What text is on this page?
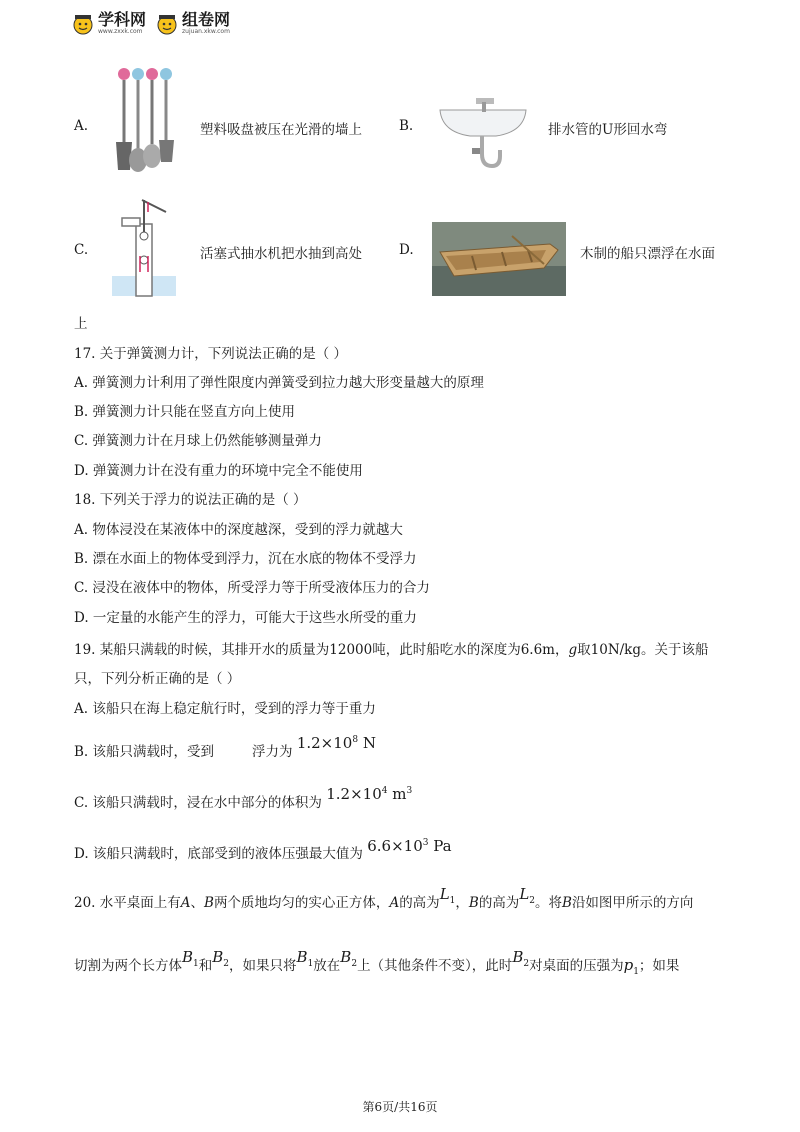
学科网
www.zxxk.com
组卷网
zujuan.xkw.com
A.	塑料吸盘被压在光滑的墙上	B.	排水管的U形回水弯
C.	活塞式抽水机把水抽到高处	D.	木制的船只漂浮在水面
上
17. 关于弹簧测力计，下列说法正确的是（ ）
A. 弹簧测力计利用了弹性限度内弹簧受到拉力越大形变量越大的原理
B. 弹簧测力计只能在竖直方向上使用
C. 弹簧测力计在月球上仍然能够测量弹力
D. 弹簧测力计在没有重力的环境中完全不能使用
18. 下列关于浮力的说法正确的是（ ）
A. 物体浸没在某液体中的深度越深，受到的浮力就越大
B. 漂在水面上的物体受到浮力，沉在水底的物体不受浮力
C. 浸没在液体中的物体，所受浮力等于所受液体压力的合力
D. 一定量的水能产生的浮力，可能大于这些水所受的重力
19. 某船只满载的时候，其排开水的质量为12000吨，此时船吃水的深度为6.6m，g取10N/kg。关于该船
只，下列分析正确的是（ ）
A. 该船只在海上稳定航行时，受到的浮力等于重力
B. 该船只满载时，受到	浮力为 $1.2\times 10^8$ N
C. 该船只满载时，浸在水中部分的体积为 $1.2\times 10^4$ $m^3$
D. 该船只满载时，底部受到的液体压强最大值为 $6.6\times 10^3$ Pa
20. 水平桌面上有A、B两个质地均匀的实心正方体，A的高为$L_1$，B的高为$L_2$。将B沿如图甲所示的方向
切割为两个长方体$B_1$和$B_2$，如果只将$B_1$放在$B_2$上（其他条件不变），此时$B_2$对桌面的压强为$p_1$；如果
第6页/共16页
